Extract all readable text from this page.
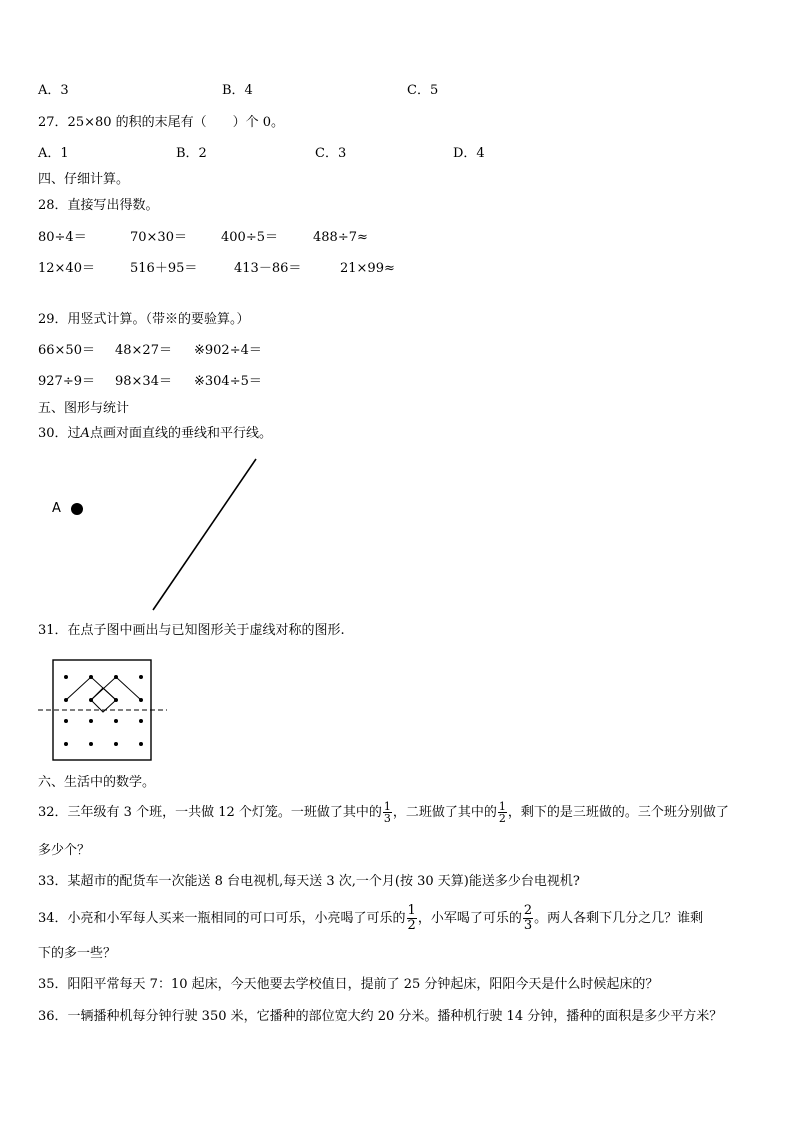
A．3	B．4	C．5
27．25×80 的积的末尾有（　　）个 0。
A．1	B．2	C．3	D．4
四、仔细计算。
28．直接写出得数。
80÷4＝	70×30＝	400÷5＝	488÷7≈
12×40＝	516＋95＝	413－86＝	21×99≈
29．用竖式计算。（带※的要验算。）
66×50＝ 48×27＝ ※902÷4＝
927÷9＝ 98×34＝ ※304÷5＝
五、图形与统计
30．过A点画对面直线的垂线和平行线。
A
31．在点子图中画出与已知图形关于虚线对称的图形.
六、生活中的数学。
32．三年级有 3 个班，一共做 12 个灯笼。一班做了其中的 $\frac{1}{3}$ ，二班做了其中的 $\frac{1}{2}$ ，剩下的是三班做的。三个班分别做了
多少个？
33．某超市的配货车一次能送 8 台电视机,每天送 3 次,一个月(按 30 天算)能送多少台电视机?
34．小亮和小军每人买来一瓶相同的可口可乐，小亮喝了可乐的 $\frac{1}{2}$ ，小军喝了可乐的 $\frac{2}{3}$ 。两人各剩下几分之几？谁剩
下的多一些？
35．阳阳平常每天 7：10 起床，今天他要去学校值日，提前了 25 分钟起床，阳阳今天是什么时候起床的？
36．一辆播种机每分钟行驶 350 米，它播种的部位宽大约 20 分米。播种机行驶 14 分钟，播种的面积是多少平方米？
